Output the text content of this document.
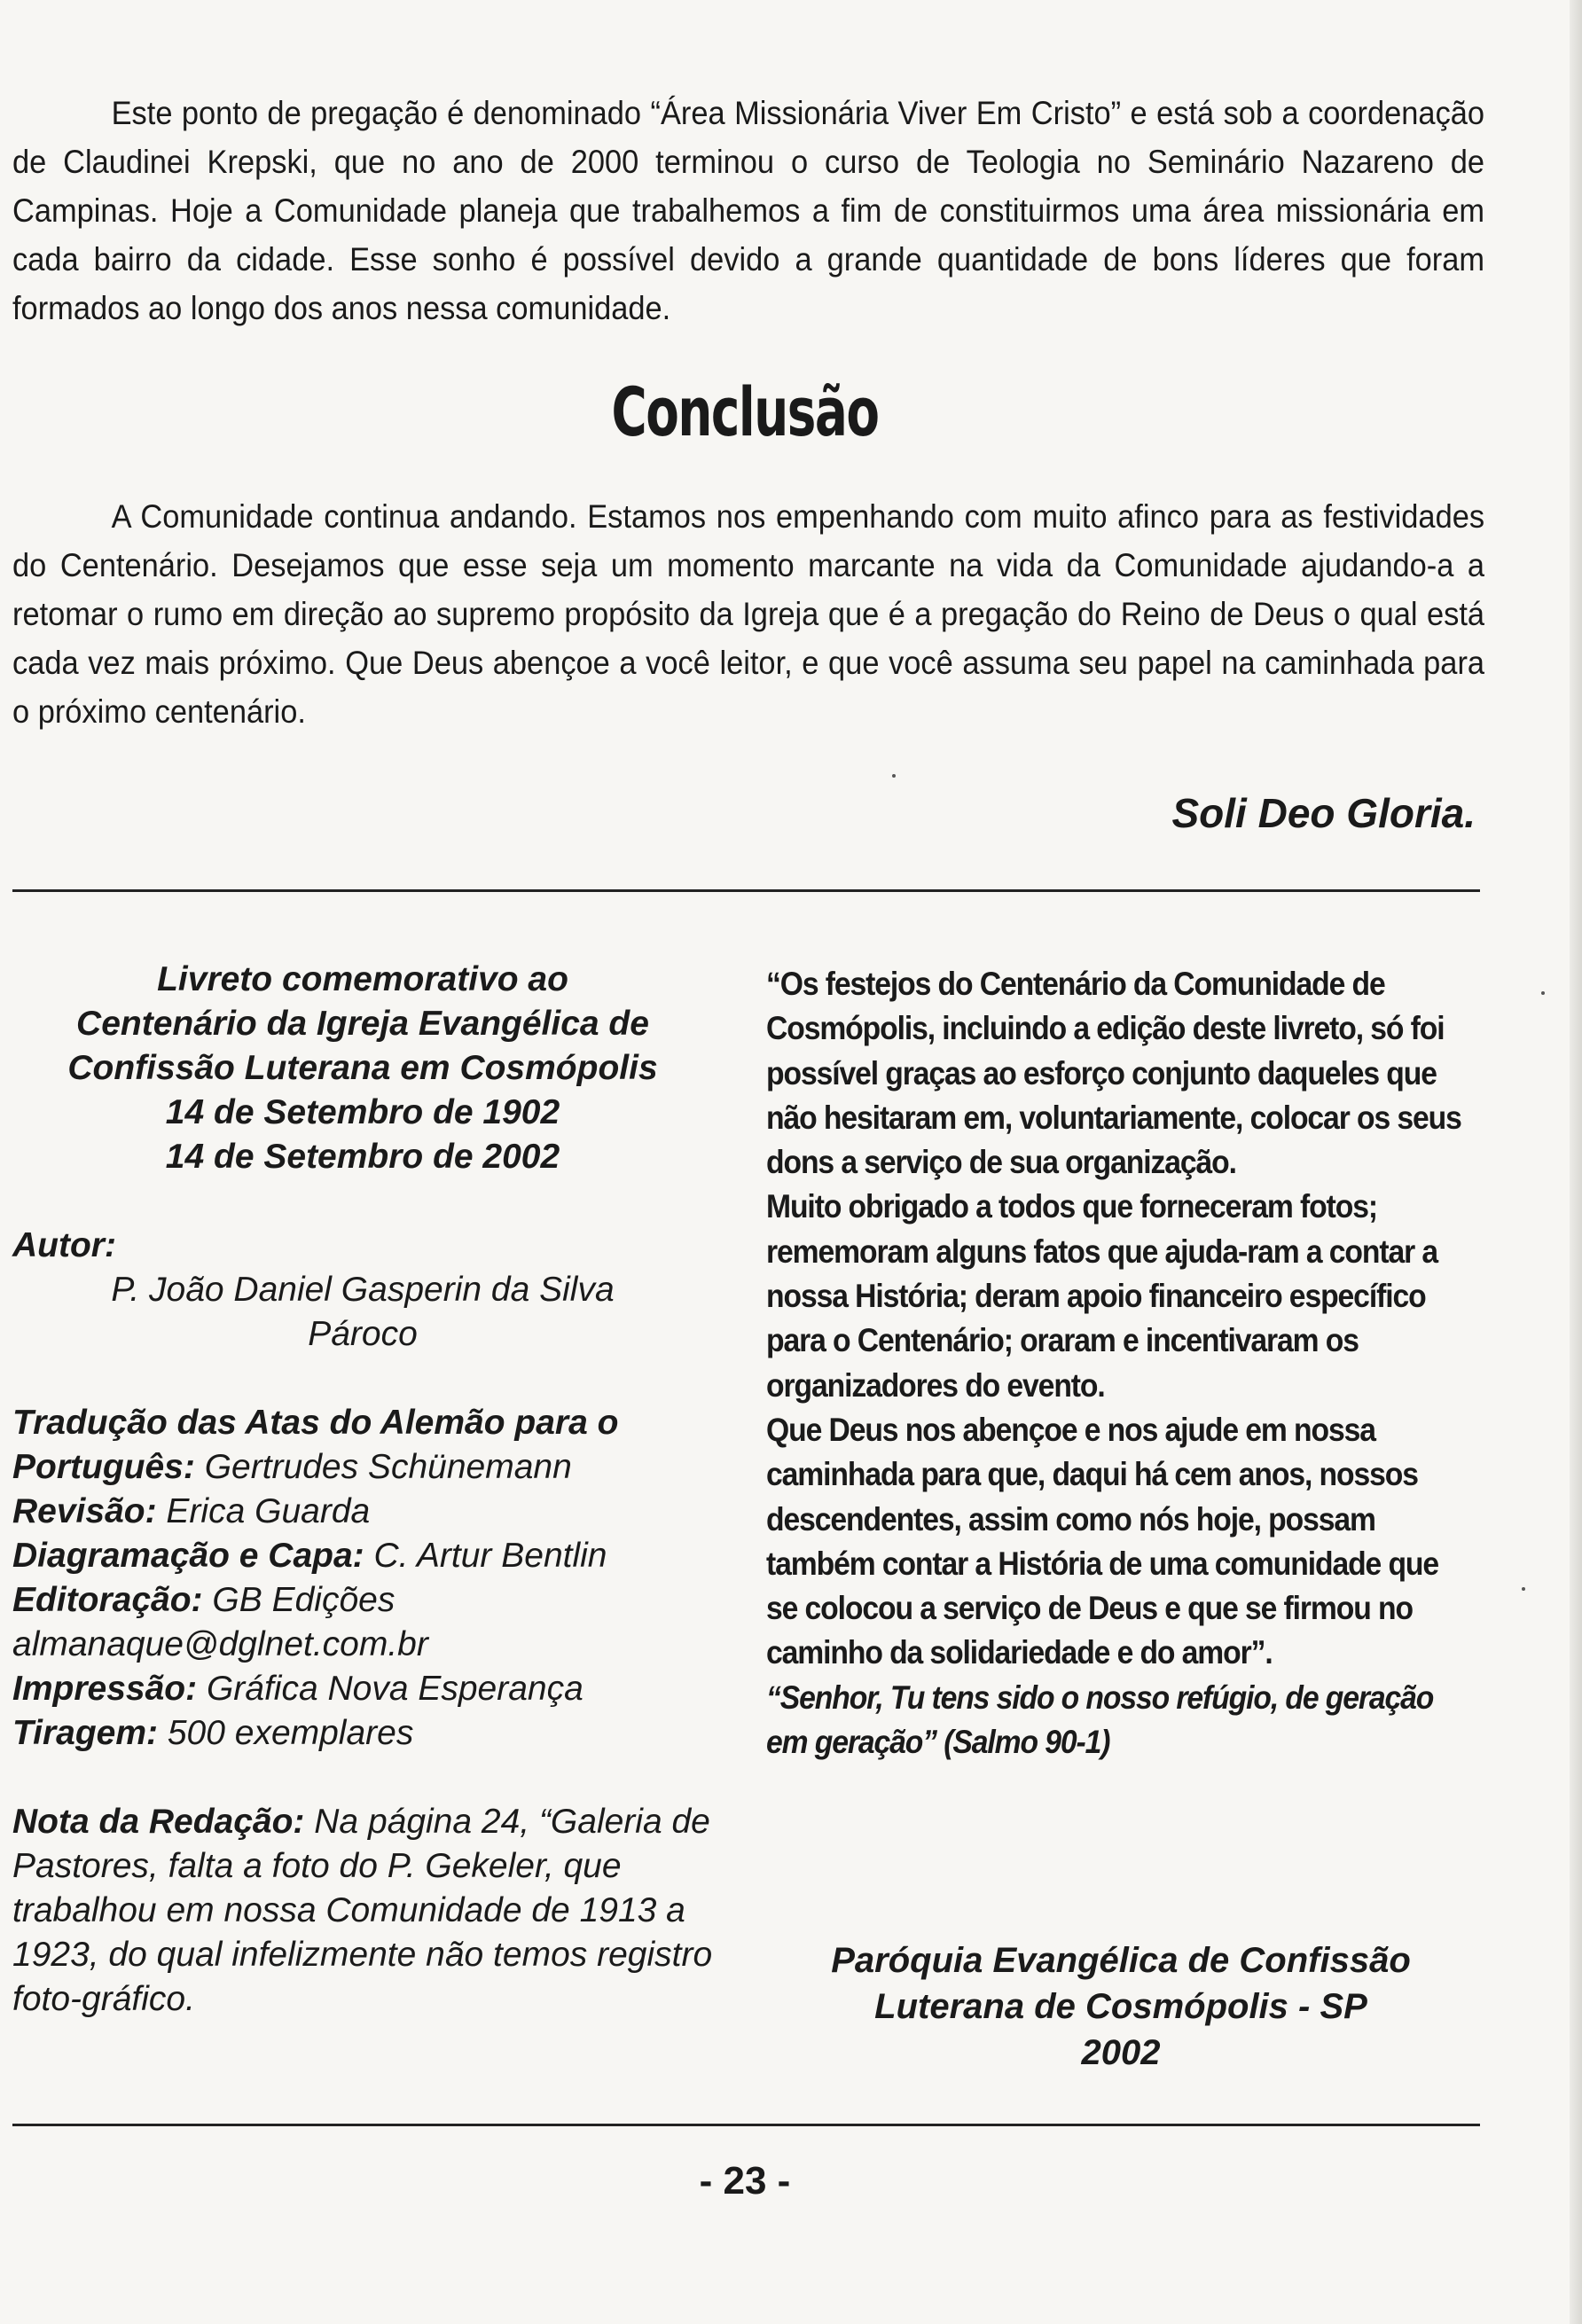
Este ponto de pregação é denominado “Área Missionária Viver Em Cristo” e está sob a coordenação de Claudinei Krepski, que no ano de 2000 terminou o curso de Teologia no Seminário Nazareno de Campinas. Hoje a Comunidade planeja que trabalhemos a fim de constituirmos uma área missionária em cada bairro da cidade. Esse sonho é possível devido a grande quantidade de bons líderes que foram formados ao longo dos anos nessa comunidade.
Conclusão
A Comunidade continua andando. Estamos nos empenhando com muito afinco para as festividades do Centenário. Desejamos que esse seja um momento marcante na vida da Comunidade ajudando-a a retomar o rumo em direção ao supremo propósito da Igreja que é a pregação do Reino de Deus o qual está cada vez mais próximo. Que Deus abençoe a você leitor, e que você assuma seu papel na caminhada para o próximo centenário.
Soli Deo Gloria.
Livreto comemorativo ao
Centenário da Igreja Evangélica de
Confissão Luterana em Cosmópolis
14 de Setembro de 1902
14 de Setembro de 2002
Autor:
P. João Daniel Gasperin da Silva
Pároco
Tradução das Atas do Alemão para o Português: Gertrudes Schünemann
Revisão: Erica Guarda
Diagramação e Capa: C. Artur Bentlin
Editoração: GB Edições
almanaque@dglnet.com.br
Impressão: Gráfica Nova Esperança
Tiragem: 500 exemplares
Nota da Redação: Na página 24, “Galeria de Pastores, falta a foto do P. Gekeler, que trabalhou em nossa Comunidade de 1913 a 1923, do qual infelizmente não temos registro foto-gráfico.

“Os festejos do Centenário da Comunidade de Cosmópolis, incluindo a edição deste livreto, só foi possível graças ao esforço conjunto daqueles que não hesitaram em, voluntariamente, colocar os seus dons a serviço de sua organização.

Muito obrigado a todos que forneceram fotos; rememoram alguns fatos que ajuda-ram a contar a nossa História; deram apoio financeiro específico para o Centenário; oraram e incentivaram os organizadores do evento.

Que Deus nos abençoe e nos ajude em nossa caminhada para que, daqui há cem anos, nossos descendentes, assim como nós hoje, possam também contar a História de uma comunidade que se colocou a serviço de Deus e que se firmou no caminho da solidariedade e do amor”.

“Senhor, Tu tens sido o nosso refúgio, de geração em geração” (Salmo 90-1)

Paróquia Evangélica de Confissão
Luterana de Cosmópolis - SP
2002
- 23 -
